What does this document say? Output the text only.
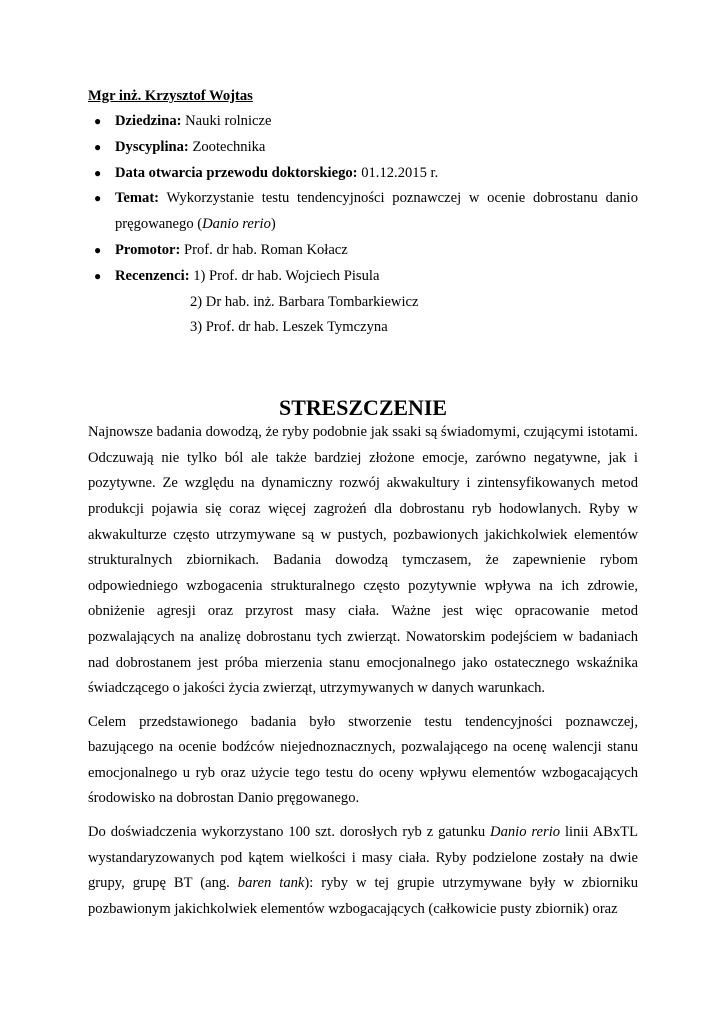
Mgr inż. Krzysztof Wojtas

● Dziedzina: Nauki rolnicze
● Dyscyplina: Zootechnika
● Data otwarcia przewodu doktorskiego: 01.12.2015 r.
● Temat: Wykorzystanie testu tendencyjności poznawczej w ocenie dobrostanu danio pręgowanego (Danio rerio)
● Promotor: Prof. dr hab. Roman Kołacz
● Recenzenci: 1) Prof. dr hab. Wojciech Pisula
2) Dr hab. inż. Barbara Tombarkiewicz
3) Prof. dr hab. Leszek Tymczyna
STRESZCZENIE

Najnowsze badania dowodzą, że ryby podobnie jak ssaki są świadomymi, czującymi istotami. Odczuwają nie tylko ból ale także bardziej złożone emocje, zarówno negatywne, jak i pozytywne. Ze względu na dynamiczny rozwój akwakultury i zintensyfikowanych metod produkcji pojawia się coraz więcej zagrożeń dla dobrostanu ryb hodowlanych. Ryby w akwakulturze często utrzymywane są w pustych, pozbawionych jakichkolwiek elementów strukturalnych zbiornikach. Badania dowodzą tymczasem, że zapewnienie rybom odpowiedniego wzbogacenia strukturalnego często pozytywnie wpływa na ich zdrowie, obniżenie agresji oraz przyrost masy ciała. Ważne jest więc opracowanie metod pozwalających na analizę dobrostanu tych zwierząt. Nowatorskim podejściem w badaniach nad dobrostanem jest próba mierzenia stanu emocjonalnego jako ostatecznego wskaźnika świadczącego o jakości życia zwierząt, utrzymywanych w danych warunkach.

Celem przedstawionego badania było stworzenie testu tendencyjności poznawczej, bazującego na ocenie bodźców niejednoznacznych, pozwalającego na ocenę walencji stanu emocjonalnego u ryb oraz użycie tego testu do oceny wpływu elementów wzbogacających środowisko na dobrostan Danio pręgowanego.

Do doświadczenia wykorzystano 100 szt. dorosłych ryb z gatunku Danio rerio linii ABxTL wystandaryzowanych pod kątem wielkości i masy ciała. Ryby podzielone zostały na dwie grupy, grupę BT (ang. baren tank): ryby w tej grupie utrzymywane były w zbiorniku pozbawionym jakichkolwiek elementów wzbogacających (całkowicie pusty zbiornik) oraz
